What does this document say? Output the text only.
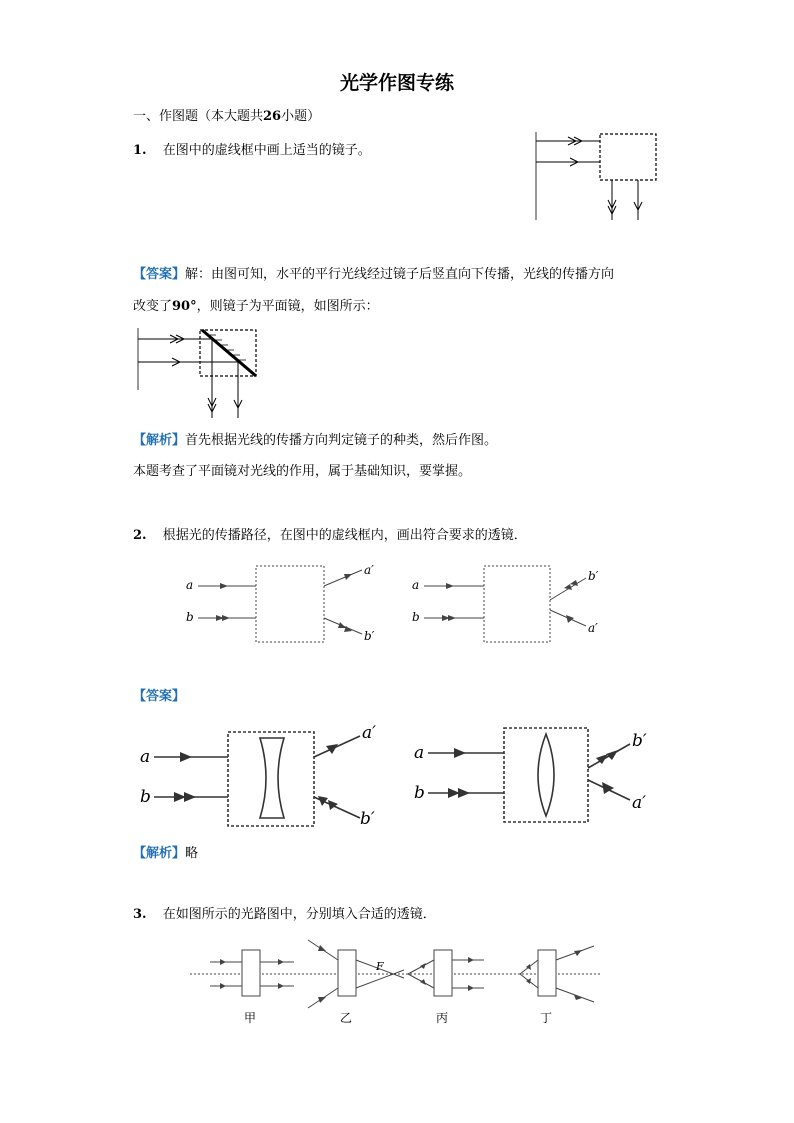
光学作图专练
一、作图题（本大题共26小题）
1. 在图中的虚线框中画上适当的镜子。
【答案】解：由图可知，水平的平行光线经过镜子后竖直向下传播，光线的传播方向
改变了90°，则镜子为平面镜，如图所示：
【解析】首先根据光线的传播方向判定镜子的种类，然后作图。
本题考查了平面镜对光线的作用，属于基础知识，要掌握。
2. 根据光的传播路径，在图中的虚线框内，画出符合要求的透镜．
a
b
a′
b′
a
b
b′
a′
【答案】
a
b
a′
b′
a
b
b′
a′
【解析】略
3. 在如图所示的光路图中，分别填入合适的透镜．
甲
F
乙	丙	丁
